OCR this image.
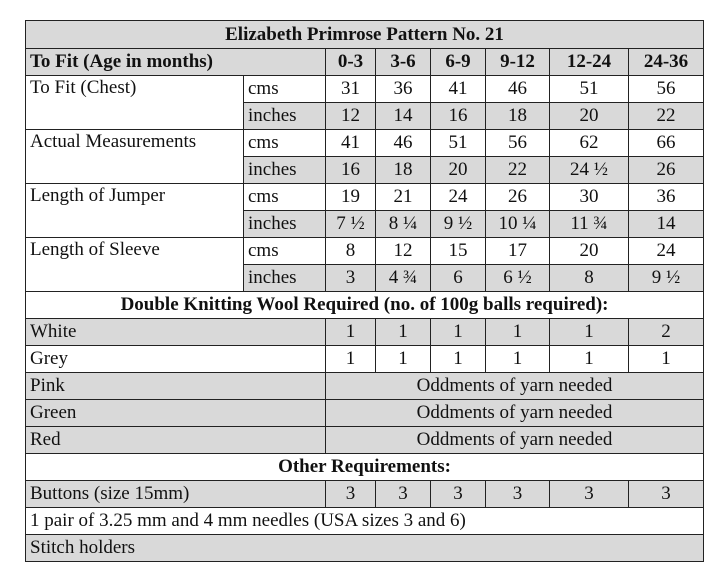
Elizabeth Primrose Pattern No. 21							
To Fit (Age in months)		0-3	3-6	6-9	9-12	12-24	24-36
To Fit (Chest)	cms	31	36	41	46	51	56
	inches	12	14	16	18	20	22
Actual Measurements	cms	41	46	51	56	62	66
	inches	16	18	20	22	24 ½	26
Length of Jumper	cms	19	21	24	26	30	36
	inches	7 ½	8 ¼	9 ½	10 ¼	11 ¾	14
Length of Sleeve	cms	8	12	15	17	20	24
	inches	3	4 ¾	6	6 ½	8	9 ½
Double Knitting Wool Required (no. of 100g balls required):							
White		1	1	1	1	1	2
Grey		1	1	1	1	1	1
Pink		Oddments of yarn needed					
Green		Oddments of yarn needed					
Red		Oddments of yarn needed					
Other Requirements:							
Buttons (size 15mm)		3	3	3	3	3	3
1 pair of 3.25 mm and 4 mm needles (USA sizes 3 and 6)							
Stitch holders							
